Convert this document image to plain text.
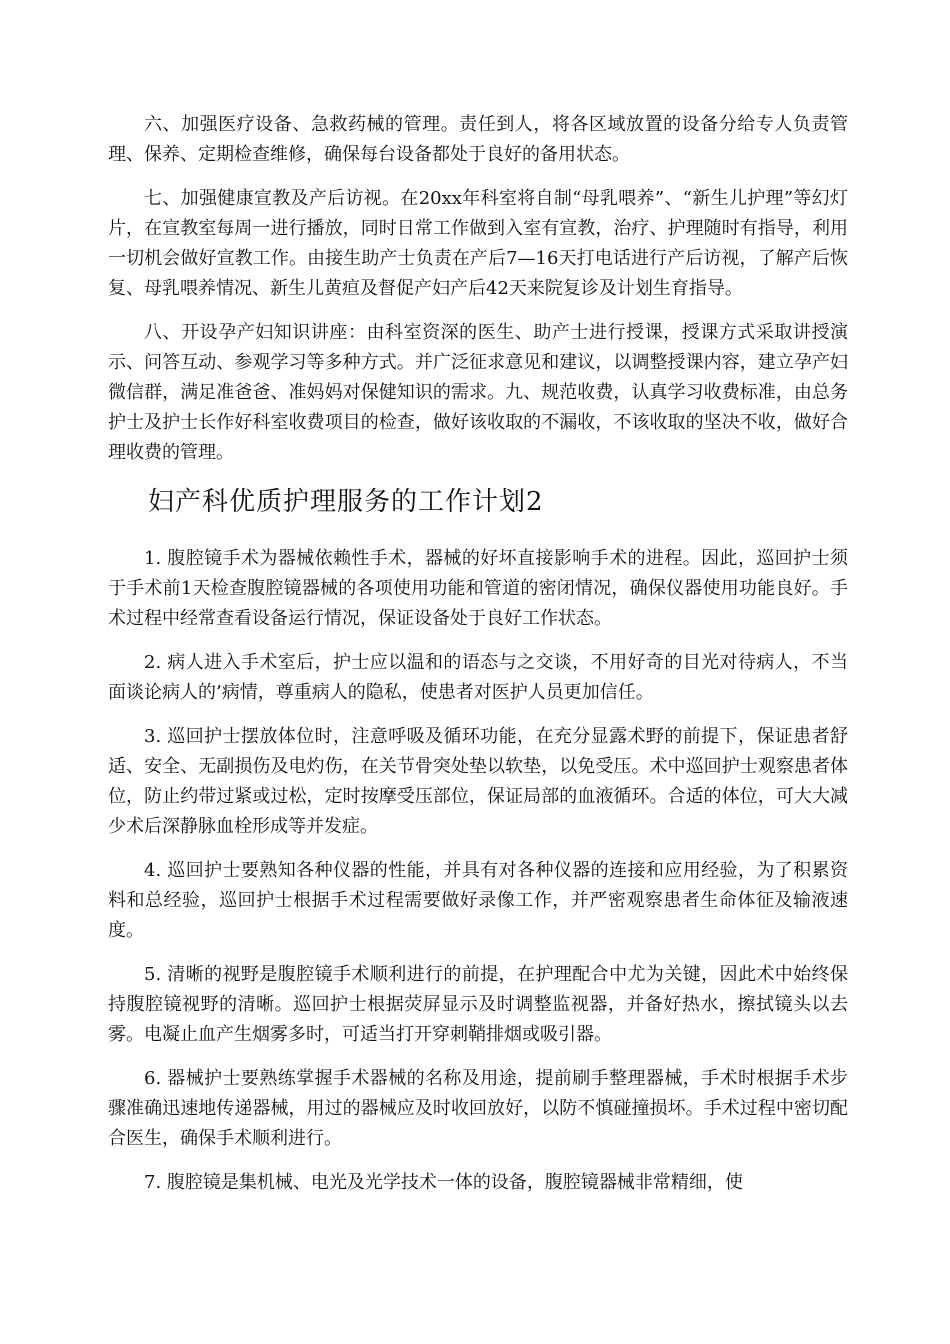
六、加强医疗设备、急救药械的管理。责任到人，将各区域放置的设备分给专人负责管理、保养、定期检查维修，确保每台设备都处于良好的备用状态。

七、加强健康宣教及产后访视。在20xx年科室将自制“母乳喂养”、“新生儿护理”等幻灯片，在宣教室每周一进行播放，同时日常工作做到入室有宣教，治疗、护理随时有指导，利用一切机会做好宣教工作。由接生助产士负责在产后7—16天打电话进行产后访视，了解产后恢复、母乳喂养情况、新生儿黄疸及督促产妇产后42天来院复诊及计划生育指导。

八、开设孕产妇知识讲座：由科室资深的医生、助产士进行授课，授课方式采取讲授演示、问答互动、参观学习等多种方式。并广泛征求意见和建议，以调整授课内容，建立孕产妇微信群，满足准爸爸、准妈妈对保健知识的需求。九、规范收费，认真学习收费标准，由总务护士及护士长作好科室收费项目的检查，做好该收取的不漏收，不该收取的坚决不收，做好合理收费的管理。

妇产科优质护理服务的工作计划2

1. 腹腔镜手术为器械依赖性手术，器械的好坏直接影响手术的进程。因此，巡回护士须于手术前1天检查腹腔镜器械的各项使用功能和管道的密闭情况，确保仪器使用功能良好。手术过程中经常查看设备运行情况，保证设备处于良好工作状态。

2. 病人进入手术室后，护士应以温和的语态与之交谈，不用好奇的目光对待病人，不当面谈论病人的’病情，尊重病人的隐私，使患者对医护人员更加信任。

3. 巡回护士摆放体位时，注意呼吸及循环功能，在充分显露术野的前提下，保证患者舒适、安全、无副损伤及电灼伤，在关节骨突处垫以软垫，以免受压。术中巡回护士观察患者体位，防止约带过紧或过松，定时按摩受压部位，保证局部的血液循环。合适的体位，可大大减少术后深静脉血栓形成等并发症。

4. 巡回护士要熟知各种仪器的性能，并具有对各种仪器的连接和应用经验，为了积累资料和总经验，巡回护士根据手术过程需要做好录像工作，并严密观察患者生命体征及输液速度。

5. 清晰的视野是腹腔镜手术顺利进行的前提，在护理配合中尤为关键，因此术中始终保持腹腔镜视野的清晰。巡回护士根据荧屏显示及时调整监视器，并备好热水，擦拭镜头以去雾。电凝止血产生烟雾多时，可适当打开穿刺鞘排烟或吸引器。

6. 器械护士要熟练掌握手术器械的名称及用途，提前刷手整理器械，手术时根据手术步骤准确迅速地传递器械，用过的器械应及时收回放好，以防不慎碰撞损坏。手术过程中密切配合医生，确保手术顺利进行。

7. 腹腔镜是集机械、电光及光学技术一体的设备，腹腔镜器械非常精细，使
